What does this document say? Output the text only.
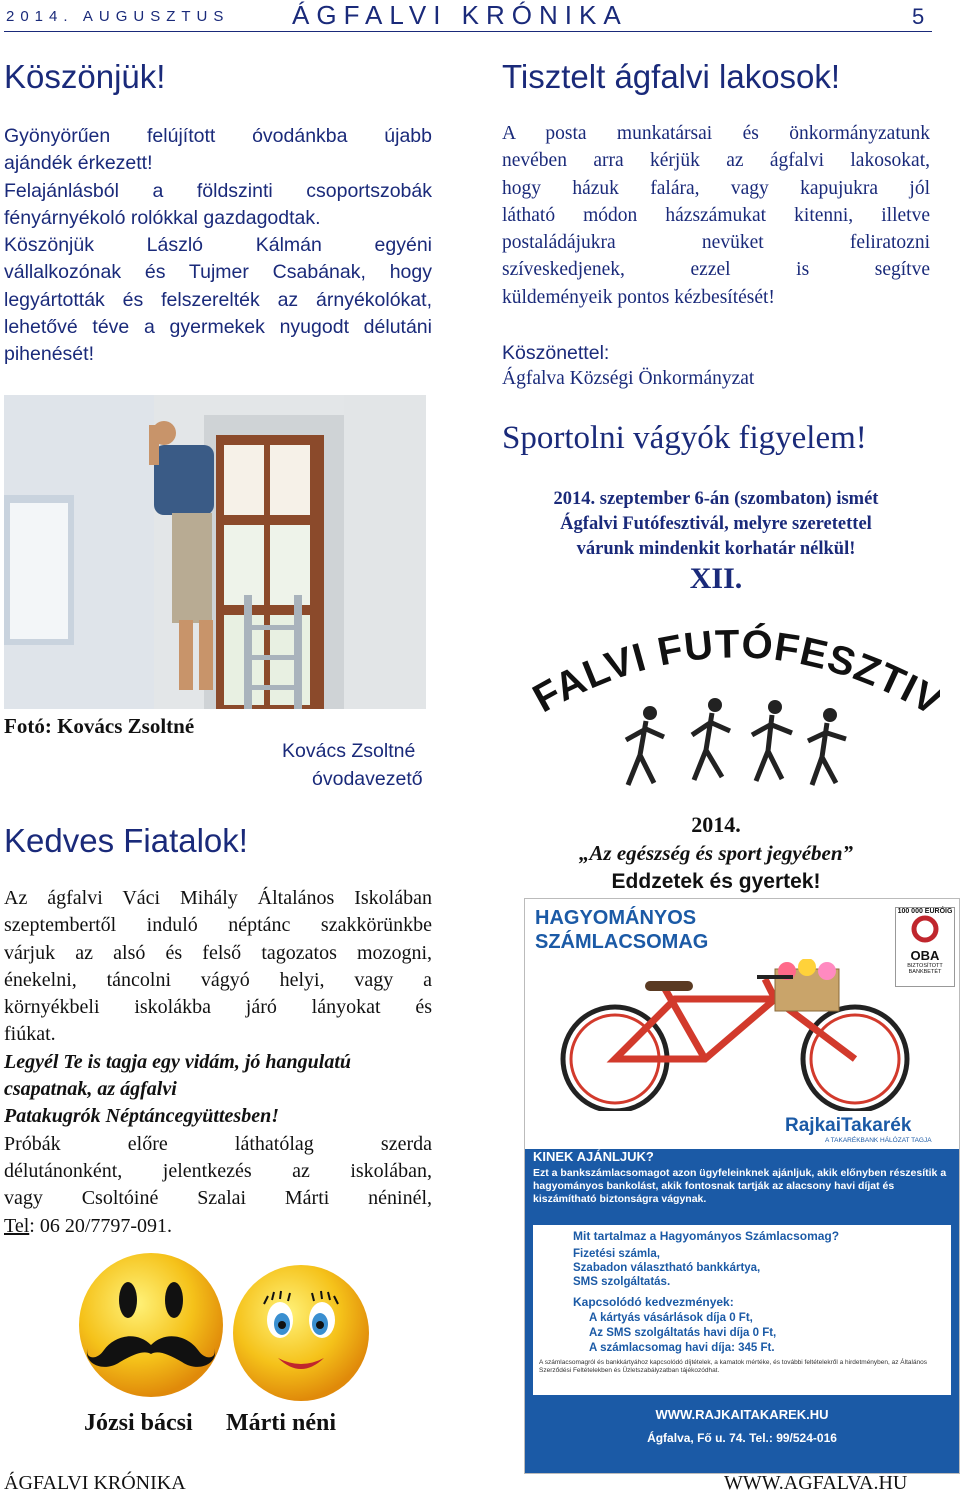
2014. AUGUSZTUS ÁGFALVI KRÓNIKA	5
Köszönjük!
Gyönyörűen felújított óvodánkba újabb
ajándék érkezett!
Felajánlásból a földszinti csoportszobák
fényárnyékoló rolókkal gazdagodtak.
Köszönjük László Kálmán egyéni
vállalkozónak és Tujmer Csabának, hogy
legyártották és felszerelték az árnyékolókat,
lehetővé téve a gyermekek nyugodt délutáni
pihenését!
Fotó: Kovács Zsoltné
Kovács Zsoltné
óvodavezető
Kedves Fiatalok!
Az ágfalvi Váci Mihály Általános Iskolában
szeptembertől induló néptánc szakkörünkbe
várjuk az alsó és felső tagozatos mozogni,
énekelni, táncolni vágyó helyi, vagy a
környékbeli iskolákba járó lányokat és
fiúkat.
Legyél Te is tagja egy vidám, jó hangulatú
csapatnak, az ágfalvi
Patakugrók Néptáncegyüttesben!
Próbák előre láthatólag szerda
délutánonként, jelentkezés az iskolában,
vagy Csoltóiné Szalai Márti néninél,
Tel: 06 20/7797-091.
Józsi bácsi Márti néni
Tisztelt ágfalvi lakosok!
A posta munkatársai és önkormányzatunk
nevében arra kérjük az ágfalvi lakosokat,
hogy házuk falára, vagy kapujukra jól
látható módon házszámukat kitenni, illetve
postaládájukra nevüket feliratozni
szíveskedjenek, ezzel is segítve
küldeményeik pontos kézbesítését!
Köszönettel:
Ágfalva Községi Önkormányzat
Sportolni vágyók figyelem!
2014. szeptember 6-án (szombaton) ismét
Ágfalvi Futófesztivál, melyre szeretettel
várunk mindenkit korhatár nélkül!
XII.
ALVI FUTÓFESZTI
2014.
„Az egészség és sport jegyében”
Eddzetek és gyertek!
HAGYOMÁNYOS
SZÁMLACSOMAG
100 000 EURÓIG
OBA
BIZTOSÍTOTT BANKBETÉT
RajkaiTakarék
A TAKARÉKBANK HÁLÓZAT TAGJA
KINEK AJÁNLJUK?
Ezt a bankszámlacsomagot azon ügyfeleinknek ajánljuk, akik előnyben részesítik a hagyományos bankolást, akik fontosnak tartják az alacsony havi díjat és kiszámítható biztonságra vágynak.
Mit tartalmaz a Hagyományos Számlacsomag?
Fizetési számla,
Szabadon választható bankkártya,
SMS szolgáltatás.
Kapcsolódó kedvezmények:
A kártyás vásárlások díja 0 Ft,
Az SMS szolgáltatás havi díja 0 Ft,
A számlacsomag havi díja: 345 Ft.
A számlacsomagról és bankkártyához kapcsolódó díjtételek, a kamatok mértéke, és további feltételekről a hirdetményben, az Általános Szerződési Feltételekben és Üzletszabályzatban tájékozódhat.
WWW.RAJKAITAKAREK.HU
Ágfalva, Fő u. 74. Tel.: 99/524-016
ÁGFALVI KRÓNIKA	WWW.AGFALVA.HU
